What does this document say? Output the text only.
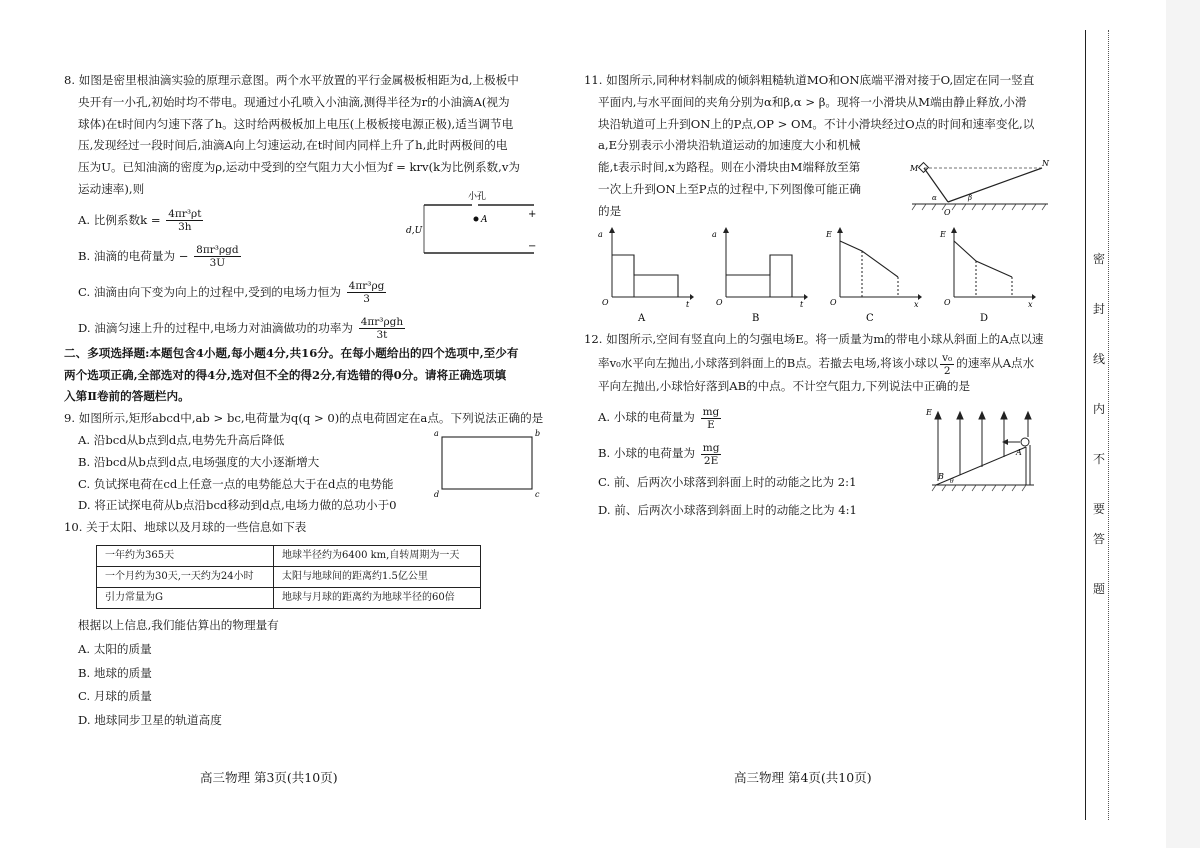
8. 如图是密里根油滴实验的原理示意图。两个水平放置的平行金属极板相距为d,上极板中

央开有一小孔,初始时均不带电。现通过小孔喷入小油滴,测得半径为r的小油滴A(视为

球体)在t时间内匀速下落了h。这时给两极板加上电压(上极板接电源正极),适当调节电

压,发现经过一段时间后,油滴A向上匀速运动,在t时间内同样上升了h,此时两极间的电

压为U。已知油滴的密度为ρ,运动中受到的空气阻力大小恒为f = krv(k为比例系数,v为

运动速率),则

A. 比例系数$k = \frac{\text{4πr³ρt}}{3h}$

B. 油滴的电荷量为 − $\frac{\text{8πr³ρgd}}{3U}$

C. 油滴由向下变为向上的过程中,受到的电场力恒为 $\frac{\text{4πr³ρg}}{3}$

D. 油滴匀速上升的过程中,电场力对油滴做功的功率为 $\frac{\text{4πr³ρgh}}{3t}$

小孔
+
−
A
d,U

二、多项选择题:本题包含4小题,每小题4分,共16分。在每小题给出的四个选项中,至少有

两个选项正确,全部选对的得4分,选对但不全的得2分,有选错的得0分。请将正确选项填

入第Ⅱ卷前的答题栏内。

9. 如图所示,矩形abcd中,ab > bc,电荷量为q(q > 0)的点电荷固定在a点。下列说法正确的是

A. 沿bcd从b点到d点,电势先升高后降低

B. 沿bcd从b点到d点,电场强度的大小逐渐增大

C. 负试探电荷在cd上任意一点的电势能总大于在d点的电势能

D. 将正试探电荷从b点沿bcd移动到d点,电场力做的总功小于0

a	b
c
d

10. 关于太阳、地球以及月球的一些信息如下表

一年约为365天	地球半径约为6400 km,自转周期为一天
一个月约为30天,一天约为24小时	太阳与地球间的距离约1.5亿公里
引力常量为G	地球与月球的距离约为地球半径的60倍

根据以上信息,我们能估算出的物理量有

A. 太阳的质量

B. 地球的质量

C. 月球的质量

D. 地球同步卫星的轨道高度

高三物理 第3页(共10页)

11. 如图所示,同种材料制成的倾斜粗糙轨道MO和ON底端平滑对接于O,固定在同一竖直

平面内,与水平面间的夹角分别为α和β,α > β。现将一小滑块从M端由静止释放,小滑

块沿轨道可上升到ON上的P点,OP > OM。不计小滑块经过O点的时间和速率变化,以

a,E分别表示小滑块沿轨道运动的加速度大小和机械

能,t表示时间,x为路程。则在小滑块由M端释放至第

一次上升到ON上至P点的过程中,下列图像可能正确

的是

M
N
O
α	β
a
O	t
A
a
O	t
B
E
O	x
C
E
O	x
D

12. 如图所示,空间有竖直向上的匀强电场E。将一质量为m的带电小球从斜面上的A点以速

率v₀水平向左抛出,小球落到斜面上的B点。若撤去电场,将该小球以 $\frac{\text{v₀}}{2}$ 的速率从A点水

平向左抛出,小球恰好落到AB的中点。不计空气阻力,下列说法中正确的是

A. 小球的电荷量为 $\frac{mg}{E}$

B. 小球的电荷量为 $\frac{mg}{2E}$

C. 前、后两次小球落到斜面上时的动能之比为 2:1

D. 前、后两次小球落到斜面上时的动能之比为 4:1

E
A
B
θ
高三物理 第4页(共10页)
密
封
线
内
不
要
答
题
